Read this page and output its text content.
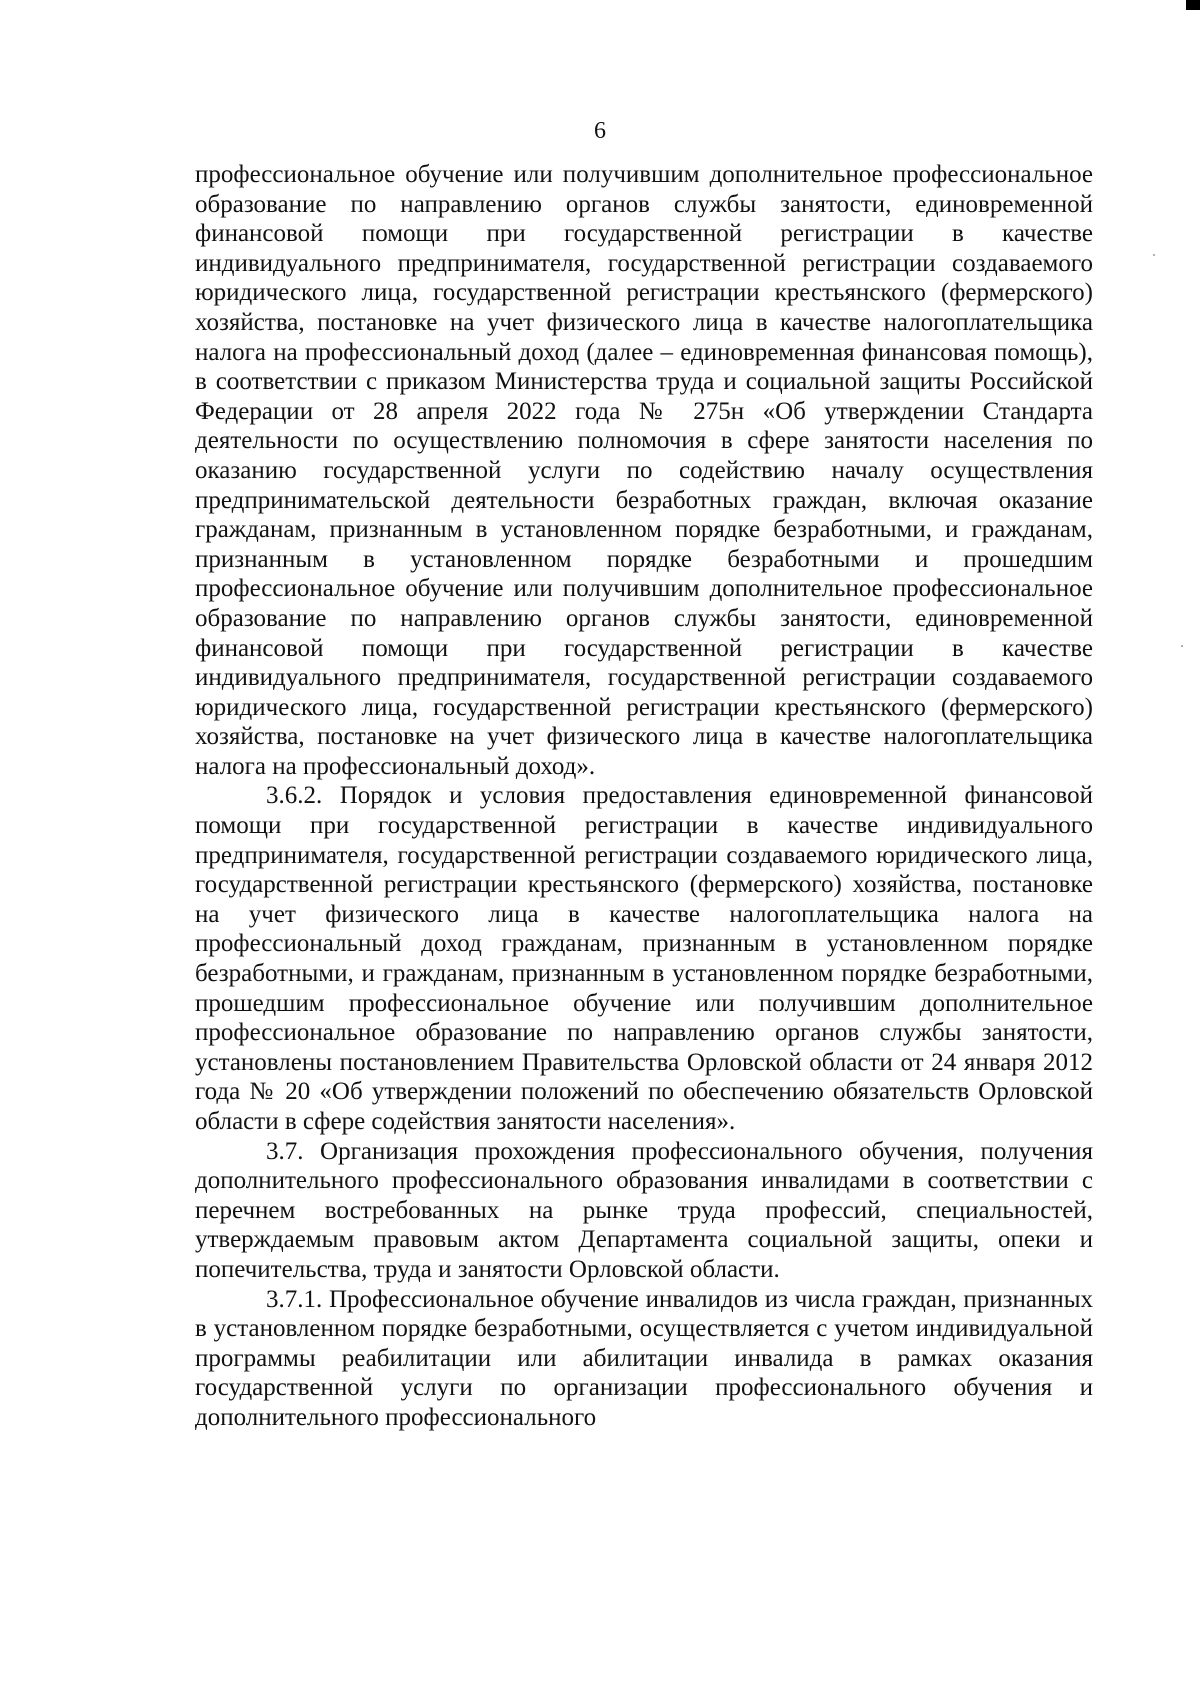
6

профессиональное обучение или получившим дополнительное профессиональное образование по направлению органов службы занятости, единовременной финансовой помощи при государственной регистрации в качестве индивидуального предпринимателя, государственной регистрации создаваемого юридического лица, государственной регистрации крестьянского (фермерского) хозяйства, постановке на учет физического лица в качестве налогоплательщика налога на профессиональный доход (далее – единовременная финансовая помощь), в соответствии с приказом Министерства труда и социальной защиты Российской Федерации от 28 апреля 2022 года № 275н «Об утверждении Стандарта деятельности по осуществлению полномочия в сфере занятости населения по оказанию государственной услуги по содействию началу осуществления предпринимательской деятельности безработных граждан, включая оказание гражданам, признанным в установленном порядке безработными, и гражданам, признанным в установленном порядке безработными и прошедшим профессиональное обучение или получившим дополнительное профессиональное образование по направлению органов службы занятости, единовременной финансовой помощи при государственной регистрации в качестве индивидуального предпринимателя, государственной регистрации создаваемого юридического лица, государственной регистрации крестьянского (фермерского) хозяйства, постановке на учет физического лица в качестве налогоплательщика налога на профессиональный доход».

3.6.2. Порядок и условия предоставления единовременной финансовой помощи при государственной регистрации в качестве индивидуального предпринимателя, государственной регистрации создаваемого юридического лица, государственной регистрации крестьянского (фермерского) хозяйства, постановке на учет физического лица в качестве налогоплательщика налога на профессиональный доход гражданам, признанным в установленном порядке безработными, и гражданам, признанным в установленном порядке безработными, прошедшим профессиональное обучение или получившим дополнительное профессиональное образование по направлению органов службы занятости, установлены постановлением Правительства Орловской области от 24 января 2012 года № 20 «Об утверждении положений по обеспечению обязательств Орловской области в сфере содействия занятости населения».

3.7. Организация прохождения профессионального обучения, получения дополнительного профессионального образования инвалидами в соответствии с перечнем востребованных на рынке труда профессий, специальностей, утверждаемым правовым актом Департамента социальной защиты, опеки и попечительства, труда и занятости Орловской области.

3.7.1. Профессиональное обучение инвалидов из числа граждан, признанных в установленном порядке безработными, осуществляется с учетом индивидуальной программы реабилитации или абилитации инвалида в рамках оказания государственной услуги по организации профессионального обучения и дополнительного профессионального
